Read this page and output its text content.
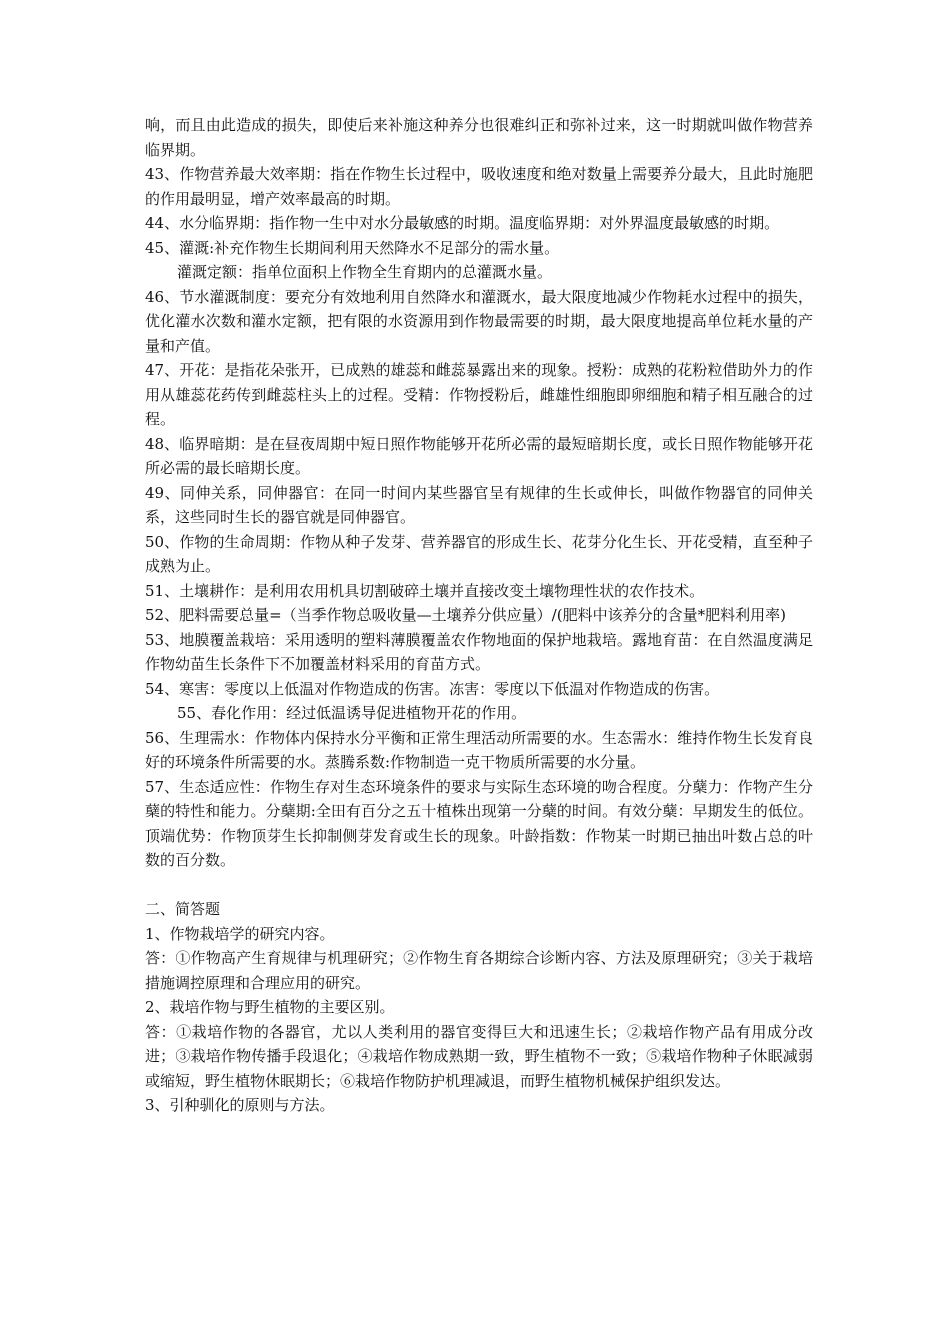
响，而且由此造成的损失，即使后来补施这种养分也很难纠正和弥补过来，这一时期就叫做作物营养临界期。

43、作物营养最大效率期：指在作物生长过程中，吸收速度和绝对数量上需要养分最大，且此时施肥的作用最明显，增产效率最高的时期。

44、水分临界期：指作物一生中对水分最敏感的时期。温度临界期：对外界温度最敏感的时期。

45、灌溉:补充作物生长期间利用天然降水不足部分的需水量。

灌溉定额：指单位面积上作物全生育期内的总灌溉水量。

46、节水灌溉制度：要充分有效地利用自然降水和灌溉水，最大限度地减少作物耗水过程中的损失，优化灌水次数和灌水定额，把有限的水资源用到作物最需要的时期，最大限度地提高单位耗水量的产量和产值。

47、开花：是指花朵张开，已成熟的雄蕊和雌蕊暴露出来的现象。授粉：成熟的花粉粒借助外力的作用从雄蕊花药传到雌蕊柱头上的过程。受精：作物授粉后，雌雄性细胞即卵细胞和精子相互融合的过程。

48、临界暗期：是在昼夜周期中短日照作物能够开花所必需的最短暗期长度，或长日照作物能够开花所必需的最长暗期长度。

49、同伸关系，同伸器官：在同一时间内某些器官呈有规律的生长或伸长，叫做作物器官的同伸关系，这些同时生长的器官就是同伸器官。

50、作物的生命周期：作物从种子发芽、营养器官的形成生长、花芽分化生长、开花受精，直至种子成熟为止。

51、土壤耕作：是利用农用机具切割破碎土壤并直接改变土壤物理性状的农作技术。

52、肥料需要总量=（当季作物总吸收量—土壤养分供应量）/(肥料中该养分的含量*肥料利用率)

53、地膜覆盖栽培：采用透明的塑料薄膜覆盖农作物地面的保护地栽培。露地育苗：在自然温度满足作物幼苗生长条件下不加覆盖材料采用的育苗方式。

54、寒害：零度以上低温对作物造成的伤害。冻害：零度以下低温对作物造成的伤害。

55、春化作用：经过低温诱导促进植物开花的作用。

56、生理需水：作物体内保持水分平衡和正常生理活动所需要的水。生态需水：维持作物生长发育良好的环境条件所需要的水。蒸腾系数:作物制造一克干物质所需要的水分量。

57、生态适应性：作物生存对生态环境条件的要求与实际生态环境的吻合程度。分蘖力：作物产生分蘖的特性和能力。分蘖期:全田有百分之五十植株出现第一分蘖的时间。有效分蘖：早期发生的低位。顶端优势：作物顶芽生长抑制侧芽发育或生长的现象。叶龄指数：作物某一时期已抽出叶数占总的叶数的百分数。

二、简答题

1、作物栽培学的研究内容。

答：①作物高产生育规律与机理研究；②作物生育各期综合诊断内容、方法及原理研究；③关于栽培措施调控原理和合理应用的研究。

2、栽培作物与野生植物的主要区别。

答：①栽培作物的各器官，尤以人类利用的器官变得巨大和迅速生长；②栽培作物产品有用成分改进；③栽培作物传播手段退化；④栽培作物成熟期一致，野生植物不一致；⑤栽培作物种子休眠减弱或缩短，野生植物休眠期长；⑥栽培作物防护机理减退，而野生植物机械保护组织发达。

3、引种驯化的原则与方法。
